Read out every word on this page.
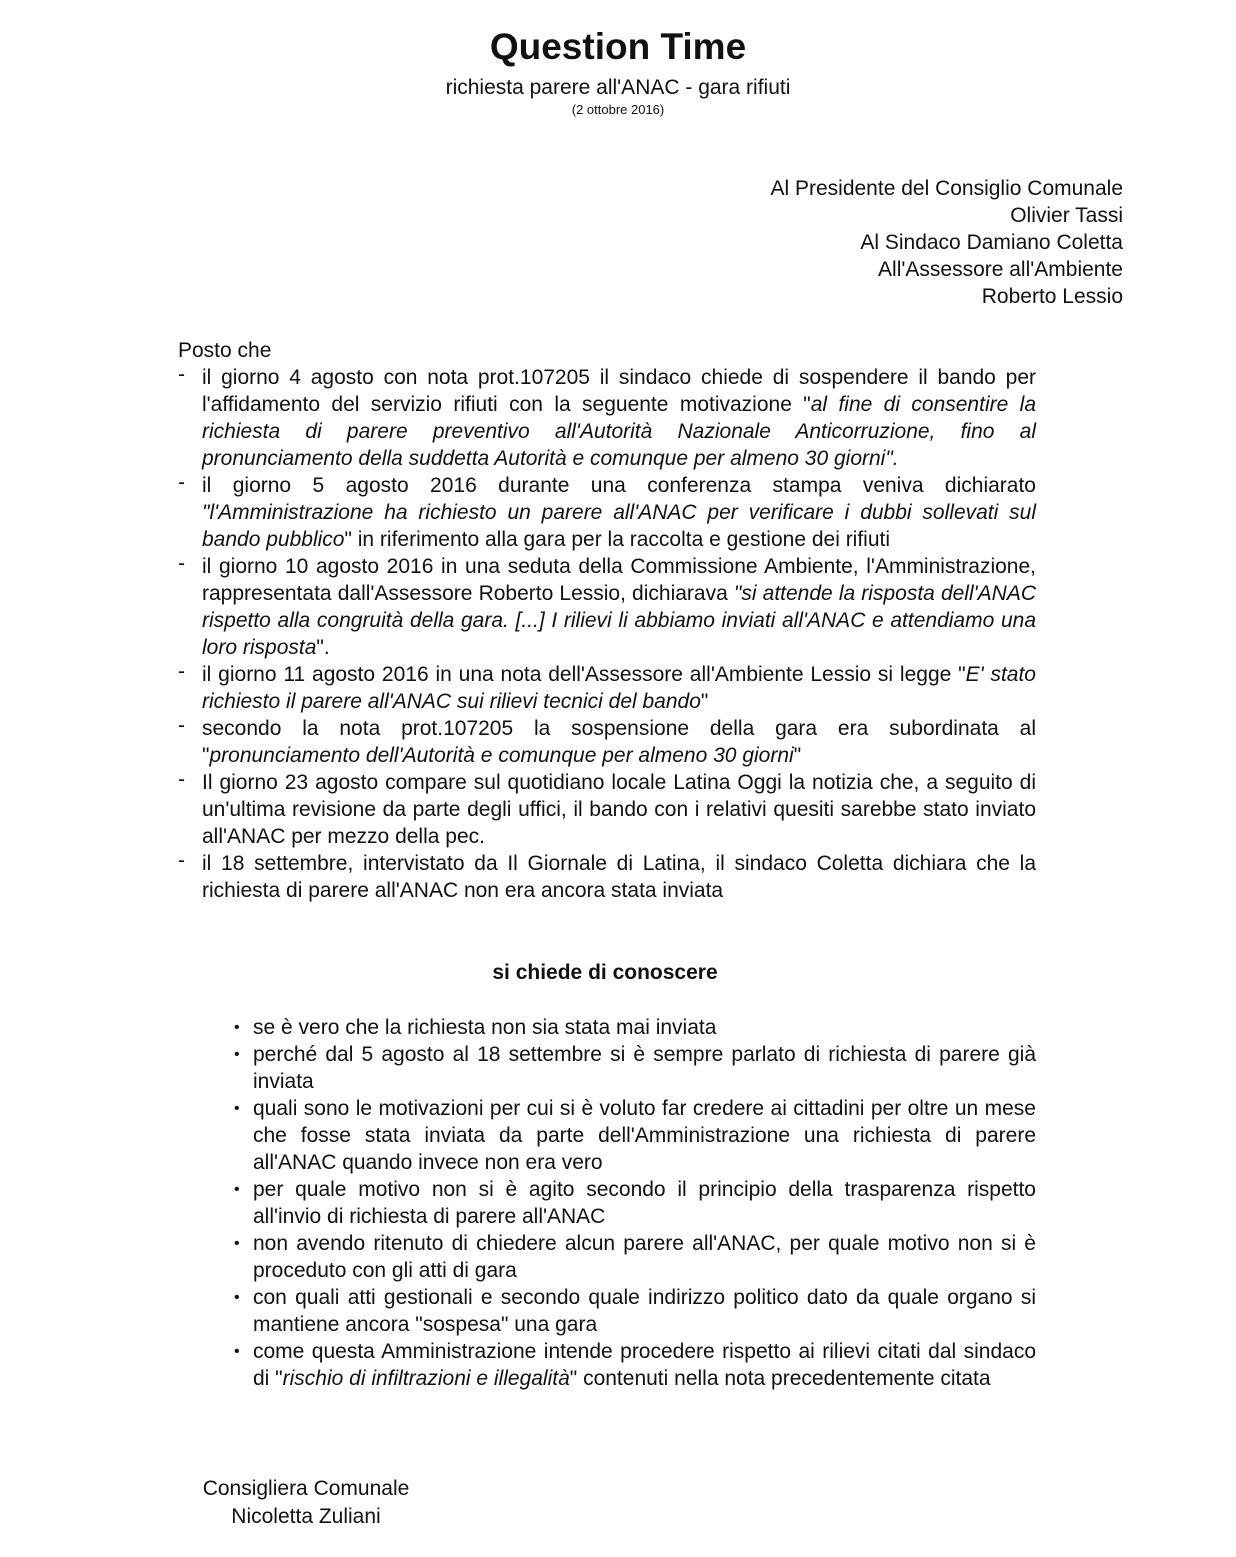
Question Time
richiesta parere all'ANAC - gara rifiuti
(2 ottobre 2016)
Al Presidente del Consiglio Comunale
Olivier Tassi
Al Sindaco Damiano Coletta
All'Assessore all'Ambiente
Roberto Lessio
Posto che
- il giorno 4 agosto con nota prot.107205 il sindaco chiede di sospendere il bando per l'affidamento del servizio rifiuti con la seguente motivazione "al fine di consentire la richiesta di parere preventivo all'Autorità Nazionale Anticorruzione, fino al pronunciamento della suddetta Autorità e comunque per almeno 30 giorni".
- il giorno 5 agosto 2016 durante una conferenza stampa veniva dichiarato "l'Amministrazione ha richiesto un parere all'ANAC per verificare i dubbi sollevati sul bando pubblico" in riferimento alla gara per la raccolta e gestione dei rifiuti
- il giorno 10 agosto 2016 in una seduta della Commissione Ambiente, l'Amministrazione, rappresentata dall'Assessore Roberto Lessio, dichiarava "si attende la risposta dell'ANAC rispetto alla congruità della gara. [...] I rilievi li abbiamo inviati all'ANAC e attendiamo una loro risposta".
- il giorno 11 agosto 2016 in una nota dell'Assessore all'Ambiente Lessio si legge "E' stato richiesto il parere all'ANAC sui rilievi tecnici del bando"
- secondo la nota prot.107205 la sospensione della gara era subordinata al "pronunciamento dell'Autorità e comunque per almeno 30 giorni"
- Il giorno 23 agosto compare sul quotidiano locale Latina Oggi la notizia che, a seguito di un'ultima revisione da parte degli uffici, il bando con i relativi quesiti sarebbe stato inviato all'ANAC per mezzo della pec.
- il 18 settembre, intervistato da Il Giornale di Latina, il sindaco Coletta dichiara che la richiesta di parere all'ANAC non era ancora stata inviata
si chiede di conoscere
• se è vero che la richiesta non sia stata mai inviata
• perché dal 5 agosto al 18 settembre si è sempre parlato di richiesta di parere già inviata
• quali sono le motivazioni per cui si è voluto far credere ai cittadini per oltre un mese che fosse stata inviata da parte dell'Amministrazione una richiesta di parere all'ANAC quando invece non era vero
• per quale motivo non si è agito secondo il principio della trasparenza rispetto all'invio di richiesta di parere all'ANAC
• non avendo ritenuto di chiedere alcun parere all'ANAC, per quale motivo non si è proceduto con gli atti di gara
• con quali atti gestionali e secondo quale indirizzo politico dato da quale organo si mantiene ancora "sospesa" una gara
• come questa Amministrazione intende procedere rispetto ai rilievi citati dal sindaco di "rischio di infiltrazioni e illegalità" contenuti nella nota precedentemente citata
Consigliera Comunale
Nicoletta Zuliani
